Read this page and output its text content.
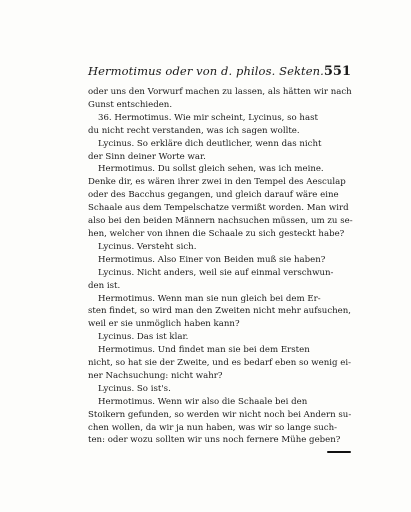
Hermotimus oder von d. philos. Sekten. 551
oder uns den Vorwurf machen zu lassen, als hätten wir nach
Gunst entschieden.
36. Hermotimus. Wie mir scheint, Lycinus, so hast
du nicht recht verstanden, was ich sagen wollte.
Lycinus. So erkläre dich deutlicher, wenn das nicht
der Sinn deiner Worte war.
Hermotimus. Du sollst gleich sehen, was ich meine.
Denke dir, es wären ihrer zwei in den Tempel des Aesculap
oder des Bacchus gegangen, und gleich darauf wäre eine
Schaale aus dem Tempelschatze vermißt worden. Man wird
also bei den beiden Männern nachsuchen müssen, um zu se-
hen, welcher von ihnen die Schaale zu sich gesteckt habe?
Lycinus. Versteht sich.
Hermotimus. Also Einer von Beiden muß sie haben?
Lycinus. Nicht anders, weil sie auf einmal verschwun-
den ist.
Hermotimus. Wenn man sie nun gleich bei dem Er-
sten findet, so wird man den Zweiten nicht mehr aufsuchen,
weil er sie unmöglich haben kann?
Lycinus. Das ist klar.
Hermotimus. Und findet man sie bei dem Ersten
nicht, so hat sie der Zweite, und es bedarf eben so wenig ei-
ner Nachsuchung: nicht wahr?
Lycinus. So ist's.
Hermotimus. Wenn wir also die Schaale bei den
Stoikern gefunden, so werden wir nicht noch bei Andern su-
chen wollen, da wir ja nun haben, was wir so lange such-
ten: oder wozu sollten wir uns noch fernere Mühe geben?
